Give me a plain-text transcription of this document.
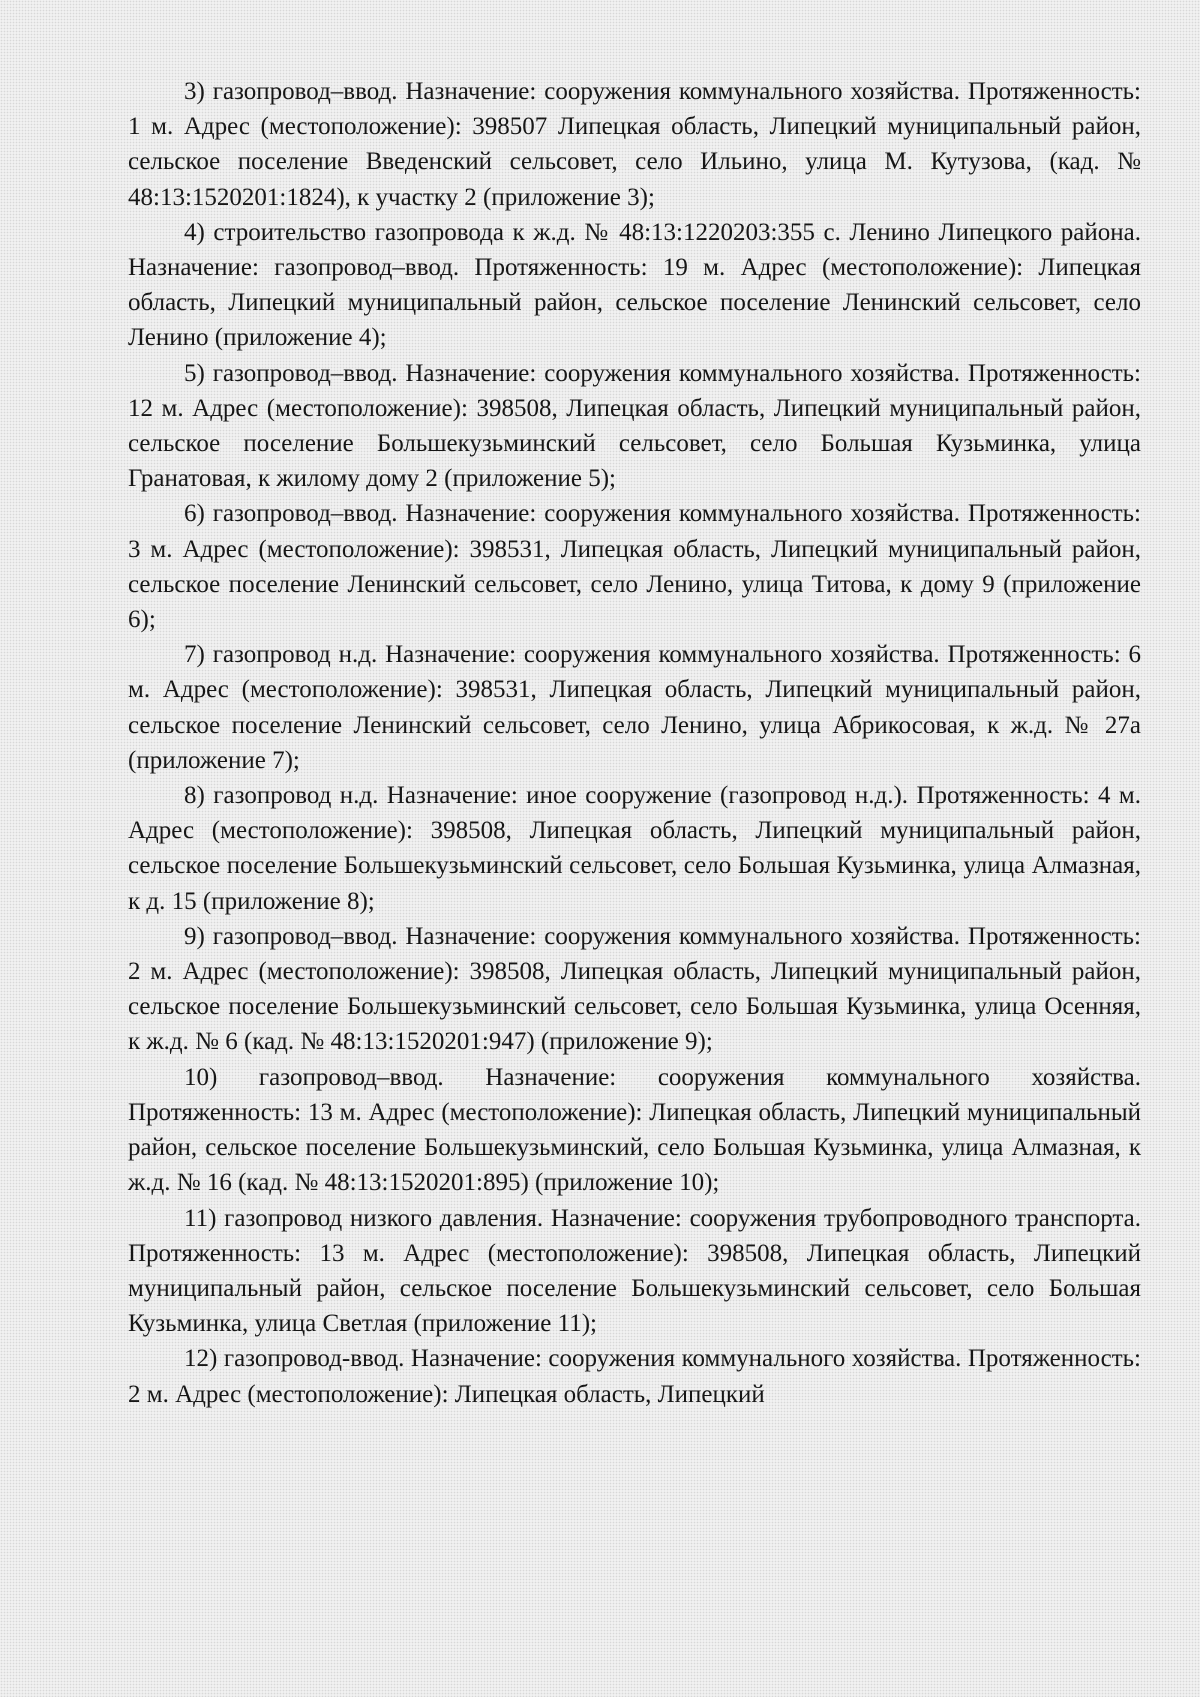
3) газопровод–ввод. Назначение: сооружения коммунального хозяйства. Протяженность: 1 м. Адрес (местоположение): 398507 Липецкая область, Липецкий муниципальный район, сельское поселение Введенский сельсовет, село Ильино, улица М. Кутузова, (кад. № 48:13:1520201:1824), к участку 2 (приложение 3);

4) строительство газопровода к ж.д. № 48:13:1220203:355 с. Ленино Липецкого района. Назначение: газопровод–ввод. Протяженность: 19 м. Адрес (местоположение): Липецкая область, Липецкий муниципальный район, сельское поселение Ленинский сельсовет, село Ленино (приложение 4);

5) газопровод–ввод. Назначение: сооружения коммунального хозяйства. Протяженность: 12 м. Адрес (местоположение): 398508, Липецкая область, Липецкий муниципальный район, сельское поселение Большекузьминский сельсовет, село Большая Кузьминка, улица Гранатовая, к жилому дому 2 (приложение 5);

6) газопровод–ввод. Назначение: сооружения коммунального хозяйства. Протяженность: 3 м. Адрес (местоположение): 398531, Липецкая область, Липецкий муниципальный район, сельское поселение Ленинский сельсовет, село Ленино, улица Титова, к дому 9 (приложение 6);

7) газопровод н.д. Назначение: сооружения коммунального хозяйства. Протяженность: 6 м. Адрес (местоположение): 398531, Липецкая область, Липецкий муниципальный район, сельское поселение Ленинский сельсовет, село Ленино, улица Абрикосовая, к ж.д. № 27а (приложение 7);

8) газопровод н.д. Назначение: иное сооружение (газопровод н.д.). Протяженность: 4 м. Адрес (местоположение): 398508, Липецкая область, Липецкий муниципальный район, сельское поселение Большекузьминский сельсовет, село Большая Кузьминка, улица Алмазная, к д. 15 (приложение 8);

9) газопровод–ввод. Назначение: сооружения коммунального хозяйства. Протяженность: 2 м. Адрес (местоположение): 398508, Липецкая область, Липецкий муниципальный район, сельское поселение Большекузьминский сельсовет, село Большая Кузьминка, улица Осенняя, к ж.д. № 6 (кад. № 48:13:1520201:947) (приложение 9);

10) газопровод–ввод. Назначение: сооружения коммунального хозяйства. Протяженность: 13 м. Адрес (местоположение): Липецкая область, Липецкий муниципальный район, сельское поселение Большекузьминский, село Большая Кузьминка, улица Алмазная, к ж.д. № 16 (кад. № 48:13:1520201:895) (приложение 10);

11) газопровод низкого давления. Назначение: сооружения трубопроводного транспорта. Протяженность: 13 м. Адрес (местоположение): 398508, Липецкая область, Липецкий муниципальный район, сельское поселение Большекузьминский сельсовет, село Большая Кузьминка, улица Светлая (приложение 11);

12) газопровод-ввод. Назначение: сооружения коммунального хозяйства. Протяженность: 2 м. Адрес (местоположение): Липецкая область, Липецкий
